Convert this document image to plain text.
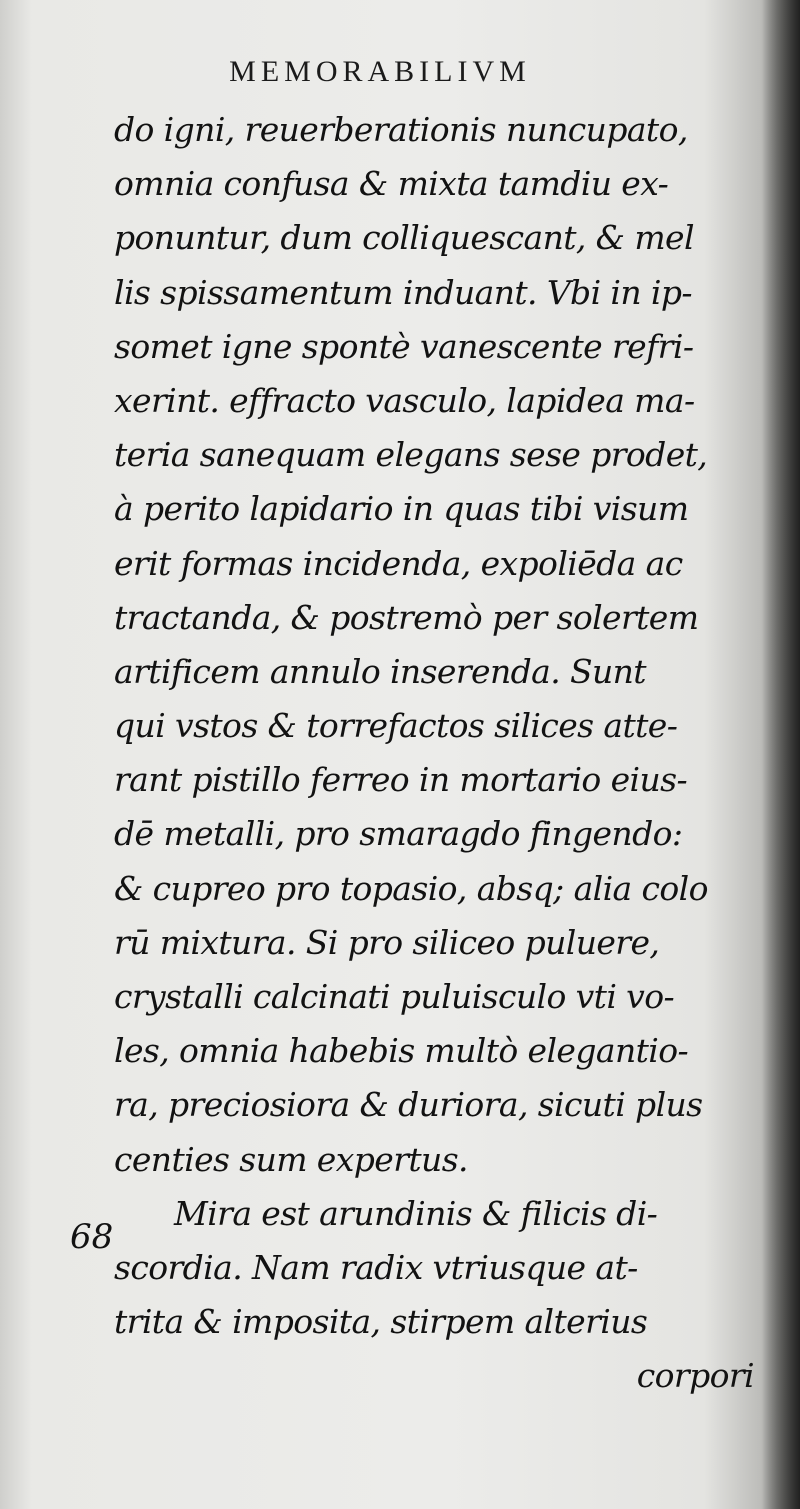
MEMORABILIVM
68
do igni, reuerberationis nuncupato,
omnia confusa & mixta tamdiu ex-
ponuntur, dum colliquescant, & mel
lis spissamentum induant. Vbi in ip-
somet igne spontè vanescente refri-
xerint. effracto vasculo, lapidea ma-
teria sanequam elegans sese prodet,
à perito lapidario in quas tibi visum
erit formas incidenda, expoliēda ac
tractanda, & postremò per solertem
artificem annulo inserenda. Sunt
qui vstos & torrefactos silices atte-
rant pistillo ferreo in mortario eius-
dē metalli, pro smaragdo fingendo:
& cupreo pro topasio, absq; alia colo
rū mixtura. Si pro siliceo puluere,
crystalli calcinati puluisculo vti vo-
les, omnia habebis multò elegantio-
ra, preciosiora & duriora, sicuti plus
centies sum expertus.
Mira est arundinis & filicis di-
scordia. Nam radix vtriusque at-
trita & imposita, stirpem alterius
corpori
